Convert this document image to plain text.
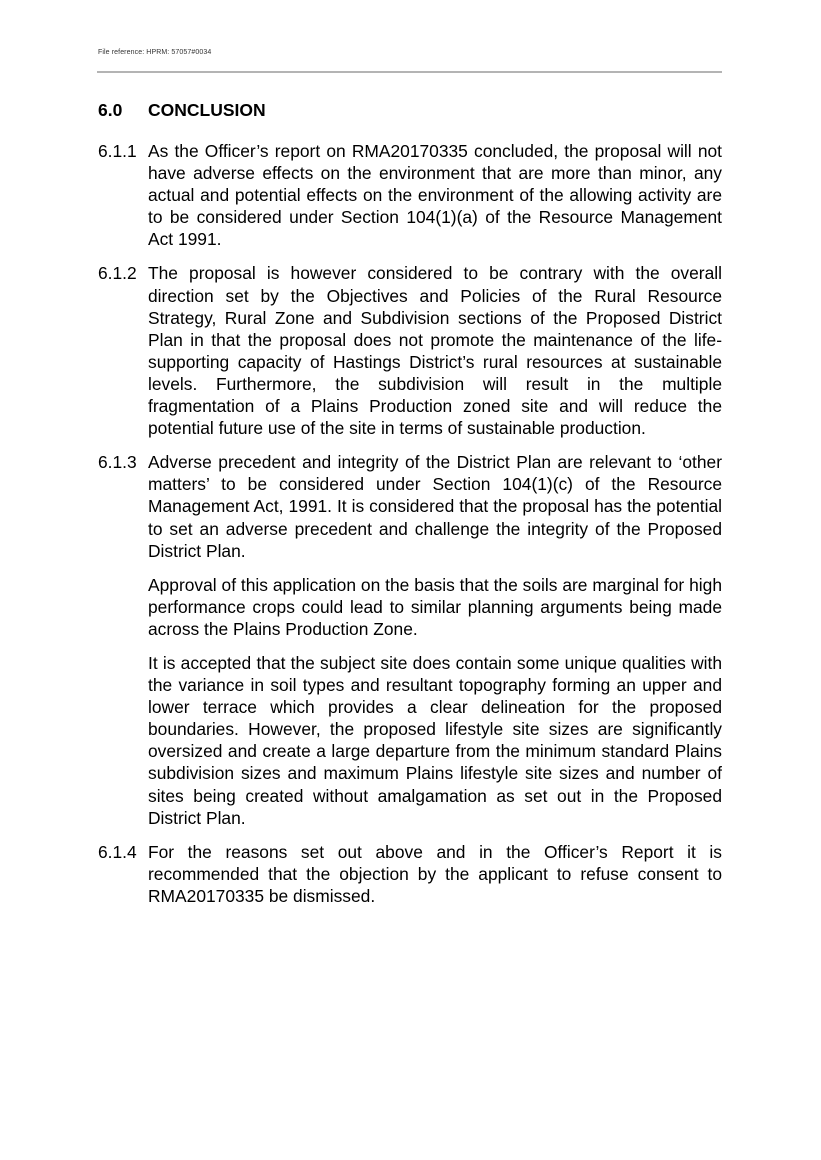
File reference: HPRM: 57057#0034
6.0 CONCLUSION
6.1.1 As the Officer’s report on RMA20170335 concluded, the proposal will not have adverse effects on the environment that are more than minor, any actual and potential effects on the environment of the allowing activity are to be considered under Section 104(1)(a) of the Resource Management Act 1991.

6.1.2 The proposal is however considered to be contrary with the overall direction set by the Objectives and Policies of the Rural Resource Strategy, Rural Zone and Subdivision sections of the Proposed District Plan in that the proposal does not promote the maintenance of the life-supporting capacity of Hastings District’s rural resources at sustainable levels. Furthermore, the subdivision will result in the multiple fragmentation of a Plains Production zoned site and will reduce the potential future use of the site in terms of sustainable production.

6.1.3 Adverse precedent and integrity of the District Plan are relevant to ‘other matters’ to be considered under Section 104(1)(c) of the Resource Management Act, 1991. It is considered that the proposal has the potential to set an adverse precedent and challenge the integrity of the Proposed District Plan.

Approval of this application on the basis that the soils are marginal for high performance crops could lead to similar planning arguments being made across the Plains Production Zone.

It is accepted that the subject site does contain some unique qualities with the variance in soil types and resultant topography forming an upper and lower terrace which provides a clear delineation for the proposed boundaries. However, the proposed lifestyle site sizes are significantly oversized and create a large departure from the minimum standard Plains subdivision sizes and maximum Plains lifestyle site sizes and number of sites being created without amalgamation as set out in the Proposed District Plan.

6.1.4 For the reasons set out above and in the Officer’s Report it is recommended that the objection by the applicant to refuse consent to RMA20170335 be dismissed.
